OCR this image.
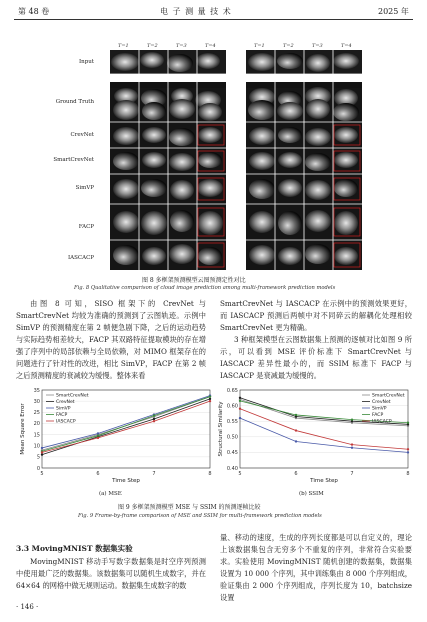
第 48 卷	电 子 测 量 技 术	2025 年
T=1	T=2	T=3	T=4	T=1	T=2	T=3	T=4
T=5	T=6	T=7	T=8	T=5	T=6	T=7	T=8
Input
Ground Truth
CrevNet
SmartCrevNet
SimVP
FACP
IASCACP
图 8 多框架预测模型云图预测定性对比
Fig. 8 Qualitative comparison of cloud image prediction among multi-framework prediction models

由图 8 可知，SISO 框架下的 CrevNet 与 SmartCrevNet 均较为准确的预测到了云图轨迹。示例中 SimVP 的预测精度在第 2 帧便急剧下降，之后的运动趋势与实际趋势相差较大，FACP 其双路特征提取模块的存在增强了序列中的局部依赖与全局依赖，对 MIMO 框架存在的问题进行了针对性的改进，相比 SimVP，FACP 在第 2 帧之后预测精度的衰减较为缓慢。整体来看

SmartCrevNet 与 IASCACP 在示例中的预测效果更好，而 IASCACP 预测后两帧中对不同碎云的解耦化处理相较 SmartCrevNet 更为精确。

3 种框架模型在云图数据集上预测的逐帧对比如图 9 所示，可以看到 MSE 评价标准下 SmartCrevNet 与 IASCACP 差异性最小的，而 SSIM 标准下 FACP 与 IASCACP 是衰减最为缓慢的。

0
5
10
15
20
25
30
35
5	6	7	8
Time Step
Mean Square Error
SmartCrevNet
CrevNet
SimVP
FACP
IASCACP
0.40
0.45
0.50
0.55
0.60
0.65
5	6	7	8
Time Step
Structural Similarity
SmartCrevNet
CrevNet
SimVP
FACP
IASCACP
(a) MSE	(b) SSIM
图 9 多框架预测模型 MSE 与 SSIM 的预测逐帧比较
Fig. 9 Frame-by-frame comparison of MSE and SSIM for multi-framework prediction models
3.3 MovingMNIST 数据集实验

MovingMNIST 移动手写数字数据集是时空序列预测中使用最广泛的数据集。该数据集可以随机生成数字，并在 64×64 的网格中做无规则运动。数据集生成数字的数

量、移动的速度，生成的序列长度都是可以自定义的，理论上该数据集包含无穷多个不重复的序列，非常符合实验要求。实验使用 MovingMNIST 随机创建的数据集，数据集设置为 10 000 个序列，其中训练集由 8 000 个序列组成，验证集由 2 000 个序列组成，序列长度为 10，batchsize 设置

· 146 ·
